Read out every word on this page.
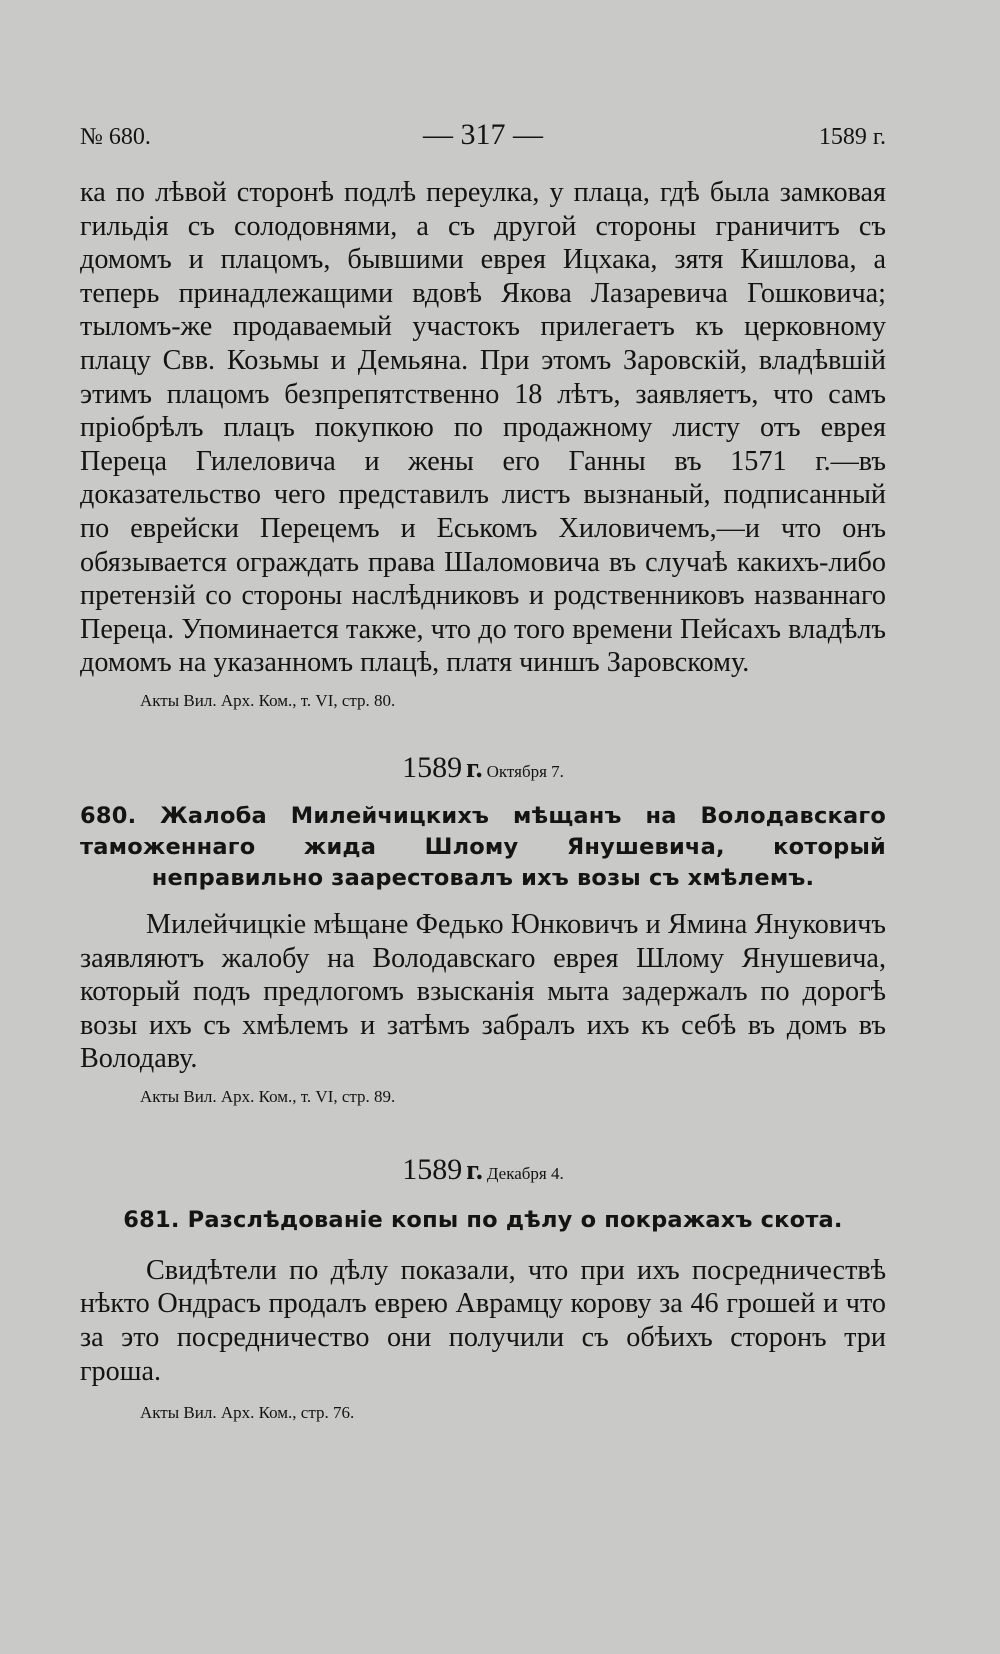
№ 680.	— 317 —	1589 г.

ка по лѣвой сторонѣ подлѣ переулка, у плаца, гдѣ была замковая гильдія съ солодовнями, а съ другой стороны граничитъ съ домомъ и плацомъ, бывшими еврея Ицхака, зятя Кишлова, а теперь принадлежащими вдовѣ Якова Лазаревича Гошковича; тыломъ-же продаваемый участокъ прилегаетъ къ церковному плацу Свв. Козьмы и Демьяна. При этомъ Заровскій, владѣвшій этимъ плацомъ безпрепятственно 18 лѣтъ, заявляетъ, что самъ пріобрѣлъ плацъ покупкою по продажному листу отъ еврея Переца Гилеловича и жены его Ганны въ 1571 г.—въ доказательство чего представилъ листъ вызнаный, подписанный по еврейски Перецемъ и Еськомъ Хиловичемъ,—и что онъ обязывается ограждать права Шаломовича въ случаѣ какихъ-либо претензій со стороны наслѣдниковъ и родственниковъ названнаго Переца. Упоминается также, что до того времени Пейсахъ владѣлъ домомъ на указанномъ плацѣ, платя чиншъ Заровскому.

Акты Вил. Арх. Ком., т. VI, стр. 80.

1589 г. Октября 7.

680. Жалоба Милейчицкихъ мѣщанъ на Володавскаго таможеннаго жида Шлому Янушевича, который неправильно заарестовалъ ихъ возы съ хмѣлемъ.

Милейчицкіе мѣщане Федько Юнковичъ и Ямина Януковичъ заявляютъ жалобу на Володавскаго еврея Шлому Янушевича, который подъ предлогомъ взысканія мыта задержалъ по дорогѣ возы ихъ съ хмѣлемъ и затѣмъ забралъ ихъ къ себѣ въ домъ въ Володаву.

Акты Вил. Арх. Ком., т. VI, стр. 89.

1589 г. Декабря 4.

681. Разслѣдованіе копы по дѣлу о покражахъ скота.

Свидѣтели по дѣлу показали, что при ихъ посредничествѣ нѣкто Ондрасъ продалъ еврею Аврамцу корову за 46 грошей и что за это посредничество они получили съ обѣихъ сторонъ три гроша.

Акты Вил. Арх. Ком., стр. 76.
